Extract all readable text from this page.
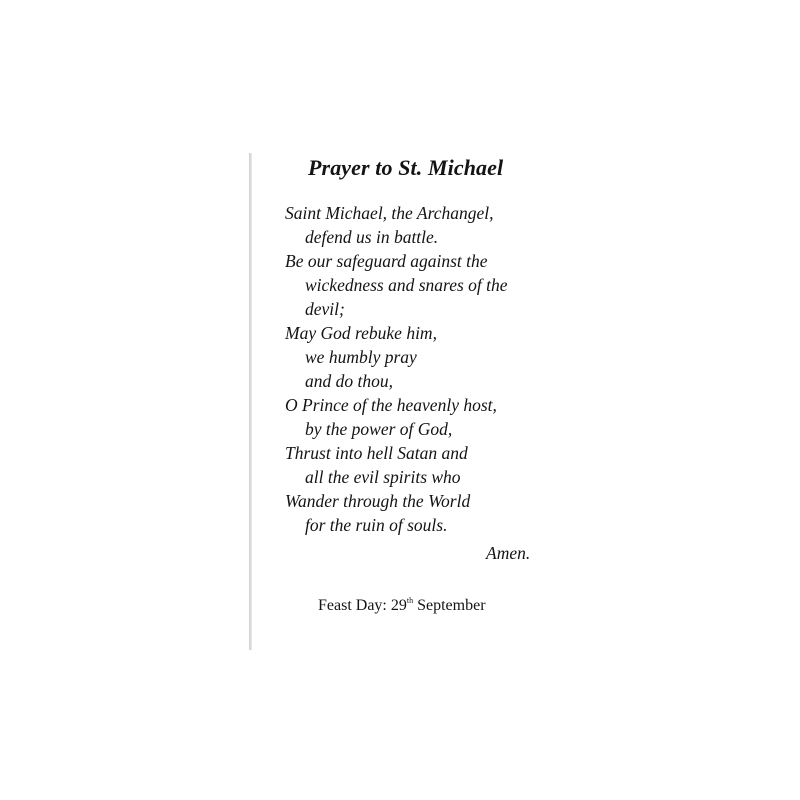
Prayer to St. Michael
Saint Michael, the Archangel,
defend us in battle.
Be our safeguard against the
wickedness and snares of the
devil;
May God rebuke him,
we humbly pray
and do thou,
O Prince of the heavenly host,
by the power of God,
Thrust into hell Satan and
all the evil spirits who
Wander through the World
for the ruin of souls.
Amen.
Feast Day: 29th September
